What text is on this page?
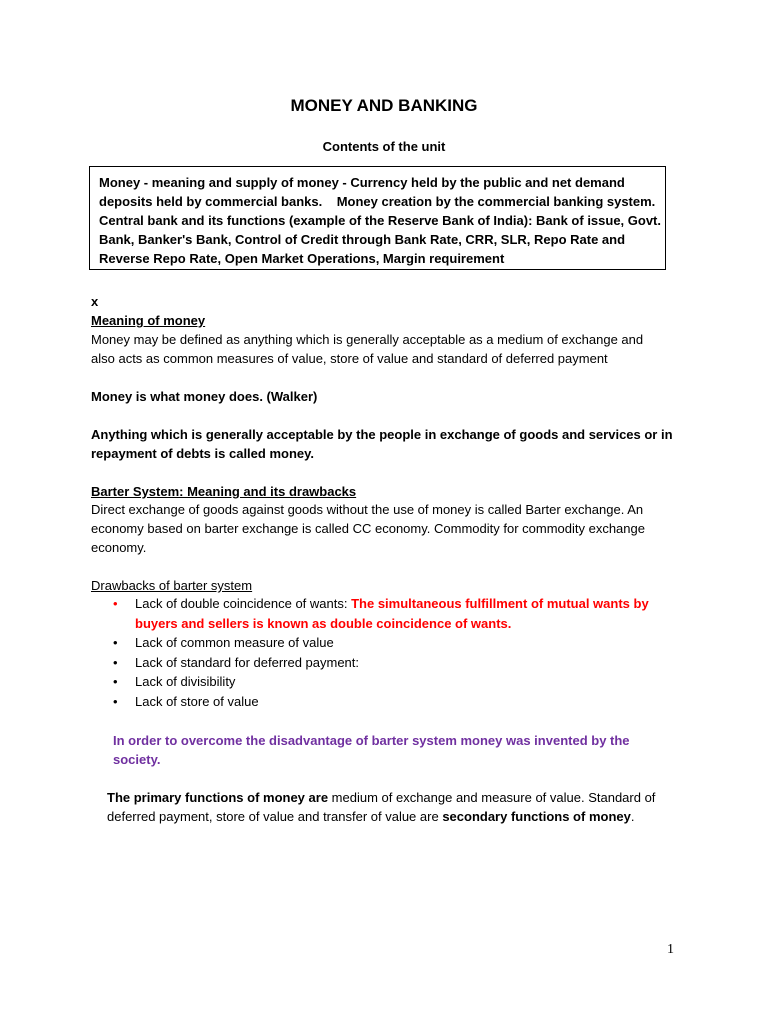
MONEY AND BANKING
Contents of the unit

Money - meaning and supply of money - Currency held by the public and net demand

deposits held by commercial banks.    Money creation by the commercial banking system.

Central bank and its functions (example of the Reserve Bank of India): Bank of issue, Govt.

Bank, Banker's Bank, Control of Credit through Bank Rate, CRR, SLR, Repo Rate and

Reverse Repo Rate, Open Market Operations, Margin requirement

x
Meaning of money
Money may be defined as anything which is generally acceptable as a medium of exchange and
also acts as common measures of value, store of value and standard of deferred payment
Money is what money does. (Walker)
Anything which is generally acceptable by the people in exchange of goods and services or in
repayment of debts is called money.
Barter System: Meaning and its drawbacks
Direct exchange of goods against goods without the use of money is called Barter exchange. An
economy based on barter exchange is called CC economy. Commodity for commodity exchange
economy.
Drawbacks of barter system
•	Lack of double coincidence of wants: The simultaneous fulfillment of mutual wants by
buyers and sellers is known as double coincidence of wants.
•	Lack of common measure of value
•	Lack of standard for deferred payment:
•	Lack of divisibility
•	Lack of store of value
In order to overcome the disadvantage of barter system money was invented by the
society.
The primary functions of money are medium of exchange and measure of value. Standard of
deferred payment, store of value and transfer of value are secondary functions of money.
1
